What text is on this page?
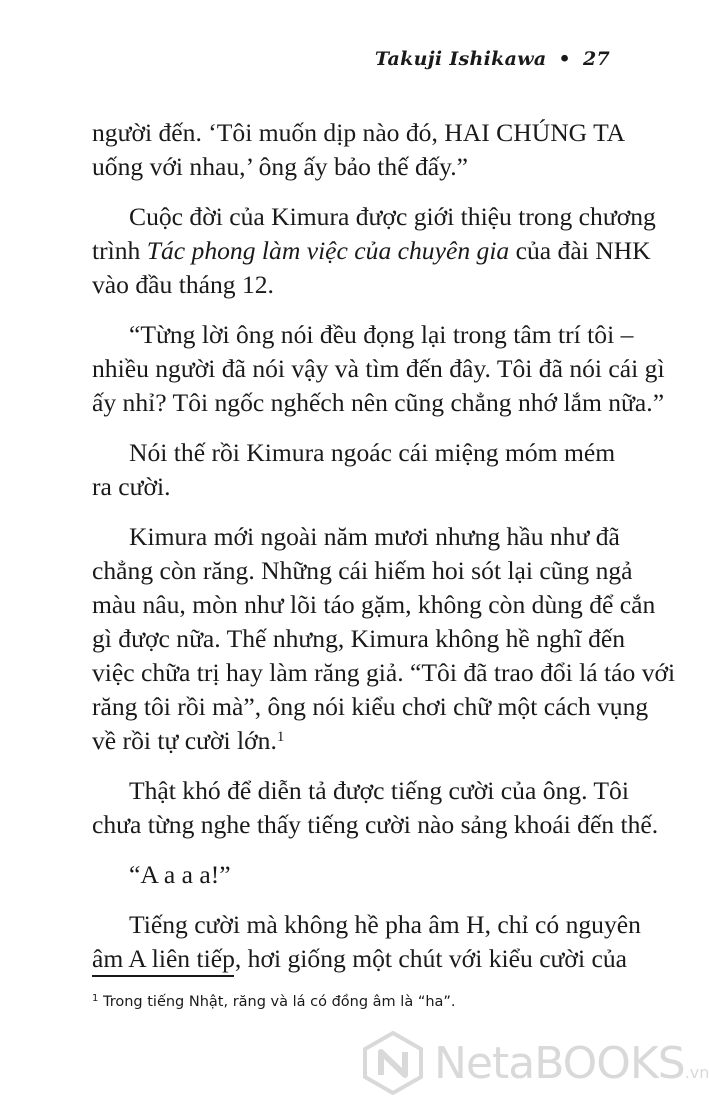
Takuji Ishikawa • 27

người đến. ‘Tôi muốn dịp nào đó, HAI CHÚNG TA
uống với nhau,’ ông ấy bảo thế đấy.”

Cuộc đời của Kimura được giới thiệu trong chương
trình Tác phong làm việc của chuyên gia của đài NHK
vào đầu tháng 12.

“Từng lời ông nói đều đọng lại trong tâm trí tôi –
nhiều người đã nói vậy và tìm đến đây. Tôi đã nói cái gì
ấy nhỉ? Tôi ngốc nghếch nên cũng chẳng nhớ lắm nữa.”

Nói thế rồi Kimura ngoác cái miệng móm mém
ra cười.

Kimura mới ngoài năm mươi nhưng hầu như đã
chẳng còn răng. Những cái hiếm hoi sót lại cũng ngả
màu nâu, mòn như lõi táo gặm, không còn dùng để cắn
gì được nữa. Thế nhưng, Kimura không hề nghĩ đến
việc chữa trị hay làm răng giả. “Tôi đã trao đổi lá táo với
răng tôi rồi mà”, ông nói kiểu chơi chữ một cách vụng
về rồi tự cười lớn.$^1$

Thật khó để diễn tả được tiếng cười của ông. Tôi
chưa từng nghe thấy tiếng cười nào sảng khoái đến thế.

“A a a a!”

Tiếng cười mà không hề pha âm H, chỉ có nguyên
âm A liên tiếp, hơi giống một chút với kiểu cười của

$^1$ Trong tiếng Nhật, răng và lá có đồng âm là “ha”.
NetaBOOKS.vn
